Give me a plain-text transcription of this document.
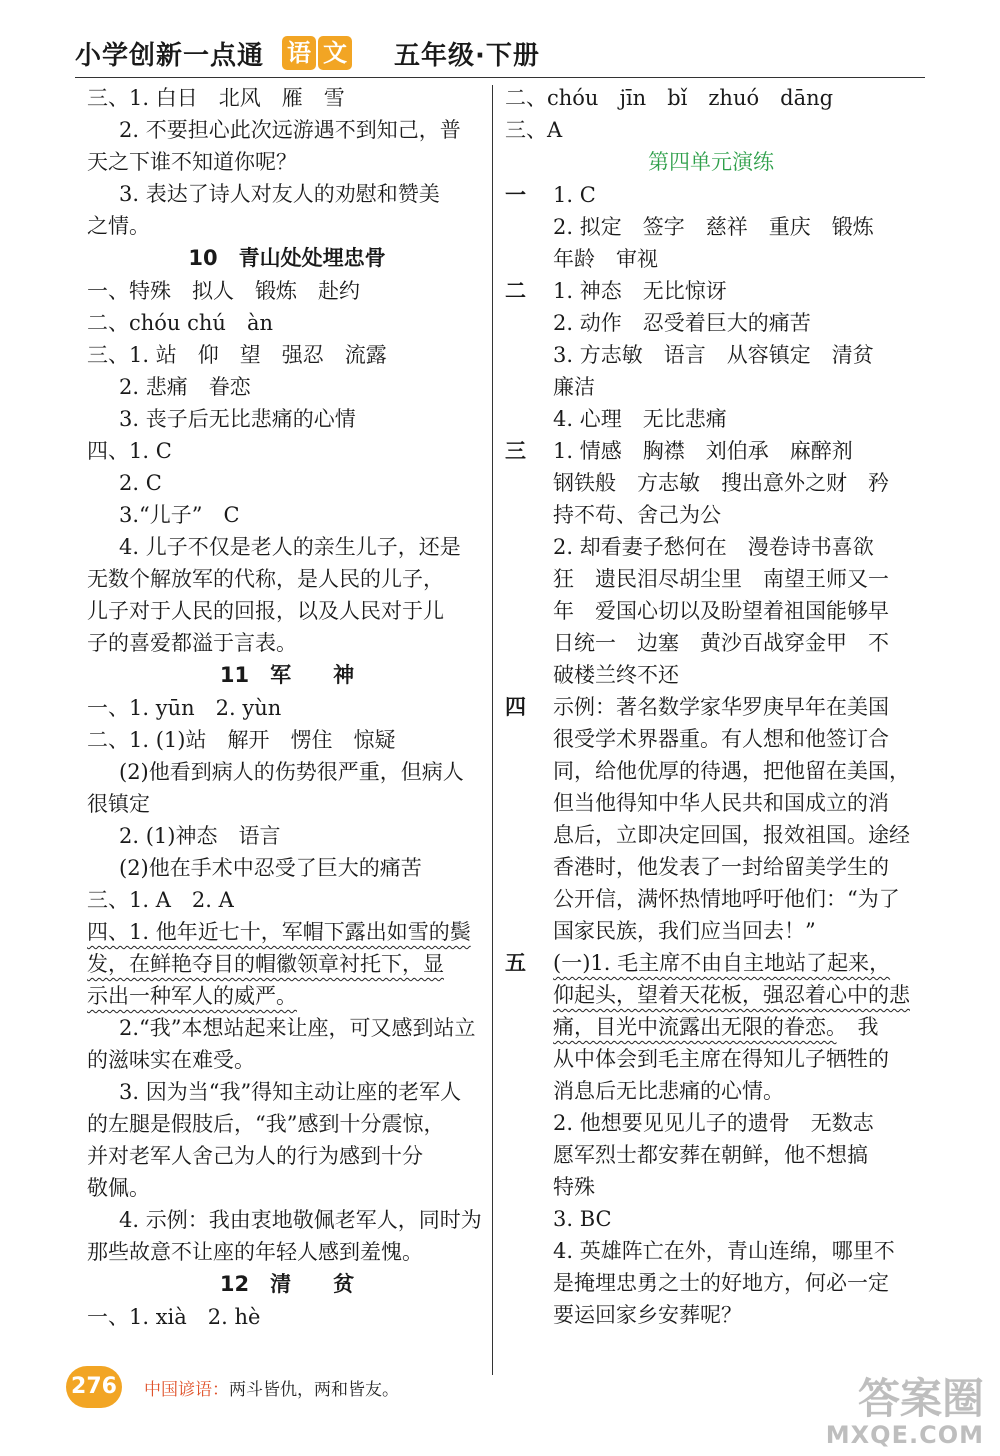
小学创新一点通 语 文 五年级·下册
三、1. 白日　北风　雁　雪
2. 不要担心此次远游遇不到知己，普
天之下谁不知道你呢？
3. 表达了诗人对友人的劝慰和赞美
之情。
10　青山处处埋忠骨
一、特殊　拟人　锻炼　赴约
二、chóu chú　àn
三、1. 站　仰　望　强忍　流露
2. 悲痛　眷恋
3. 丧子后无比悲痛的心情
四、1. C
2. C
3.“儿子”　C
4. 儿子不仅是老人的亲生儿子，还是
无数个解放军的代称，是人民的儿子，
儿子对于人民的回报，以及人民对于儿
子的喜爱都溢于言表。
11　军　　神
一、1. yūn　2. yùn
二、1. (1)站　解开　愣住　惊疑
(2)他看到病人的伤势很严重，但病人
很镇定
2. (1)神态　语言
(2)他在手术中忍受了巨大的痛苦
三、1. A　2. A
四、1. 他年近七十，军帽下露出如雪的鬓
发，在鲜艳夺目的帽徽领章衬托下，显
示出一种军人的威严。
2.“我”本想站起来让座，可又感到站立
的滋味实在难受。
3. 因为当“我”得知主动让座的老军人
的左腿是假肢后，“我”感到十分震惊，
并对老军人舍己为人的行为感到十分
敬佩。
4. 示例：我由衷地敬佩老军人，同时为
那些故意不让座的年轻人感到羞愧。
12　清　　贫
一、1. xià　2. hè
二、chóu　jīn　bǐ　zhuó　dāng
三、A
第四单元演练
一 1. C
2. 拟定　签字　慈祥　重庆　锻炼
年龄　审视
二 1. 神态　无比惊讶
2. 动作　忍受着巨大的痛苦
3. 方志敏　语言　从容镇定　清贫
廉洁
4. 心理　无比悲痛
三 1. 情感　胸襟　刘伯承　麻醉剂
钢铁般　方志敏　搜出意外之财　矜
持不苟、舍己为公
2. 却看妻子愁何在　漫卷诗书喜欲
狂　遗民泪尽胡尘里　南望王师又一
年　爱国心切以及盼望着祖国能够早
日统一　边塞　黄沙百战穿金甲　不
破楼兰终不还
四 示例：著名数学家华罗庚早年在美国
很受学术界器重。有人想和他签订合
同，给他优厚的待遇，把他留在美国，
但当他得知中华人民共和国成立的消
息后，立即决定回国，报效祖国。途经
香港时，他发表了一封给留美学生的
公开信，满怀热情地呼吁他们：“为了
国家民族，我们应当回去！”
五 (一)1. 毛主席不由自主地站了起来，
仰起头，望着天花板，强忍着心中的悲
痛，目光中流露出无限的眷恋。　我
从中体会到毛主席在得知儿子牺牲的
消息后无比悲痛的心情。
2. 他想要见见儿子的遗骨　无数志
愿军烈士都安葬在朝鲜，他不想搞
特殊
3. BC
4. 英雄阵亡在外，青山连绵，哪里不
是掩埋忠勇之士的好地方，何必一定
要运回家乡安葬呢？
276 中国谚语： 两斗皆仇，两和皆友。	答案圈
MXQE.COM
